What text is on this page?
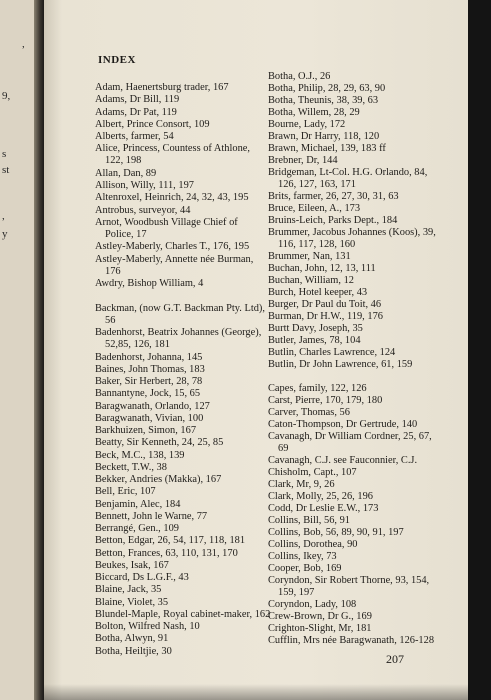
,
9,
s
st
,
y
INDEX
Adam, Haenertsburg trader, 167
Adams, Dr Bill, 119
Adams, Dr Pat, 119
Albert, Prince Consort, 109
Alberts, farmer, 54
Alice, Princess, Countess of Athlone,
122, 198
Allan, Dan, 89
Allison, Willy, 111, 197
Altenroxel, Heinrich, 24, 32, 43, 195
Antrobus, surveyor, 44
Arnot, Woodbush Village Chief of
Police, 17
Astley-Maberly, Charles T., 176, 195
Astley-Maberly, Annette née Burman,
176
Awdry, Bishop William, 4
Backman, (now G.T. Backman Pty. Ltd),
56
Badenhorst, Beatrix Johannes (George),
52,85, 126, 181
Badenhorst, Johanna, 145
Baines, John Thomas, 183
Baker, Sir Herbert, 28, 78
Bannantyne, Jock, 15, 65
Baragwanath, Orlando, 127
Baragwanath, Vivian, 100
Barkhuizen, Simon, 167
Beatty, Sir Kenneth, 24, 25, 85
Beck, M.C., 138, 139
Beckett, T.W., 38
Bekker, Andries (Makka), 167
Bell, Eric, 107
Benjamin, Alec, 184
Bennett, John le Warne, 77
Berrangé, Gen., 109
Betton, Edgar, 26, 54, 117, 118, 181
Betton, Frances, 63, 110, 131, 170
Beukes, Isak, 167
Biccard, Ds L.G.F., 43
Blaine, Jack, 35
Blaine, Violet, 35
Blundel-Maple, Royal cabinet-maker, 162
Bolton, Wilfred Nash, 10
Botha, Alwyn, 91
Botha, Heiltjie, 30
Botha, O.J., 26
Botha, Philip, 28, 29, 63, 90
Botha, Theunis, 38, 39, 63
Botha, Willem, 28, 29
Bourne, Lady, 172
Brawn, Dr Harry, 118, 120
Brawn, Michael, 139, 183 ff
Brebner, Dr, 144
Bridgeman, Lt-Col. H.G. Orlando, 84,
126, 127, 163, 171
Brits, farmer, 26, 27, 30, 31, 63
Bruce, Eileen, A., 173
Bruins-Leich, Parks Dept., 184
Brummer, Jacobus Johannes (Koos), 39,
116, 117, 128, 160
Brummer, Nan, 131
Buchan, John, 12, 13, 111
Buchan, William, 12
Burch, Hotel keeper, 43
Burger, Dr Paul du Toit, 46
Burman, Dr H.W., 119, 176
Burtt Davy, Joseph, 35
Butler, James, 78, 104
Butlin, Charles Lawrence, 124
Butlin, Dr John Lawrence, 61, 159
Capes, family, 122, 126
Carst, Pierre, 170, 179, 180
Carver, Thomas, 56
Caton-Thompson, Dr Gertrude, 140
Cavanagh, Dr William Cordner, 25, 67,
69
Cavanagh, C.J. see Fauconnier, C.J.
Chisholm, Capt., 107
Clark, Mr, 9, 26
Clark, Molly, 25, 26, 196
Codd, Dr Leslie E.W., 173
Collins, Bill, 56, 91
Collins, Bob, 56, 89, 90, 91, 197
Collins, Dorothea, 90
Collins, Ikey, 73
Cooper, Bob, 169
Coryndon, Sir Robert Thorne, 93, 154,
159, 197
Coryndon, Lady, 108
Crew-Brown, Dr G., 169
Crighton-Slight, Mr, 181
Cufflin, Mrs née Baragwanath, 126-128
207
